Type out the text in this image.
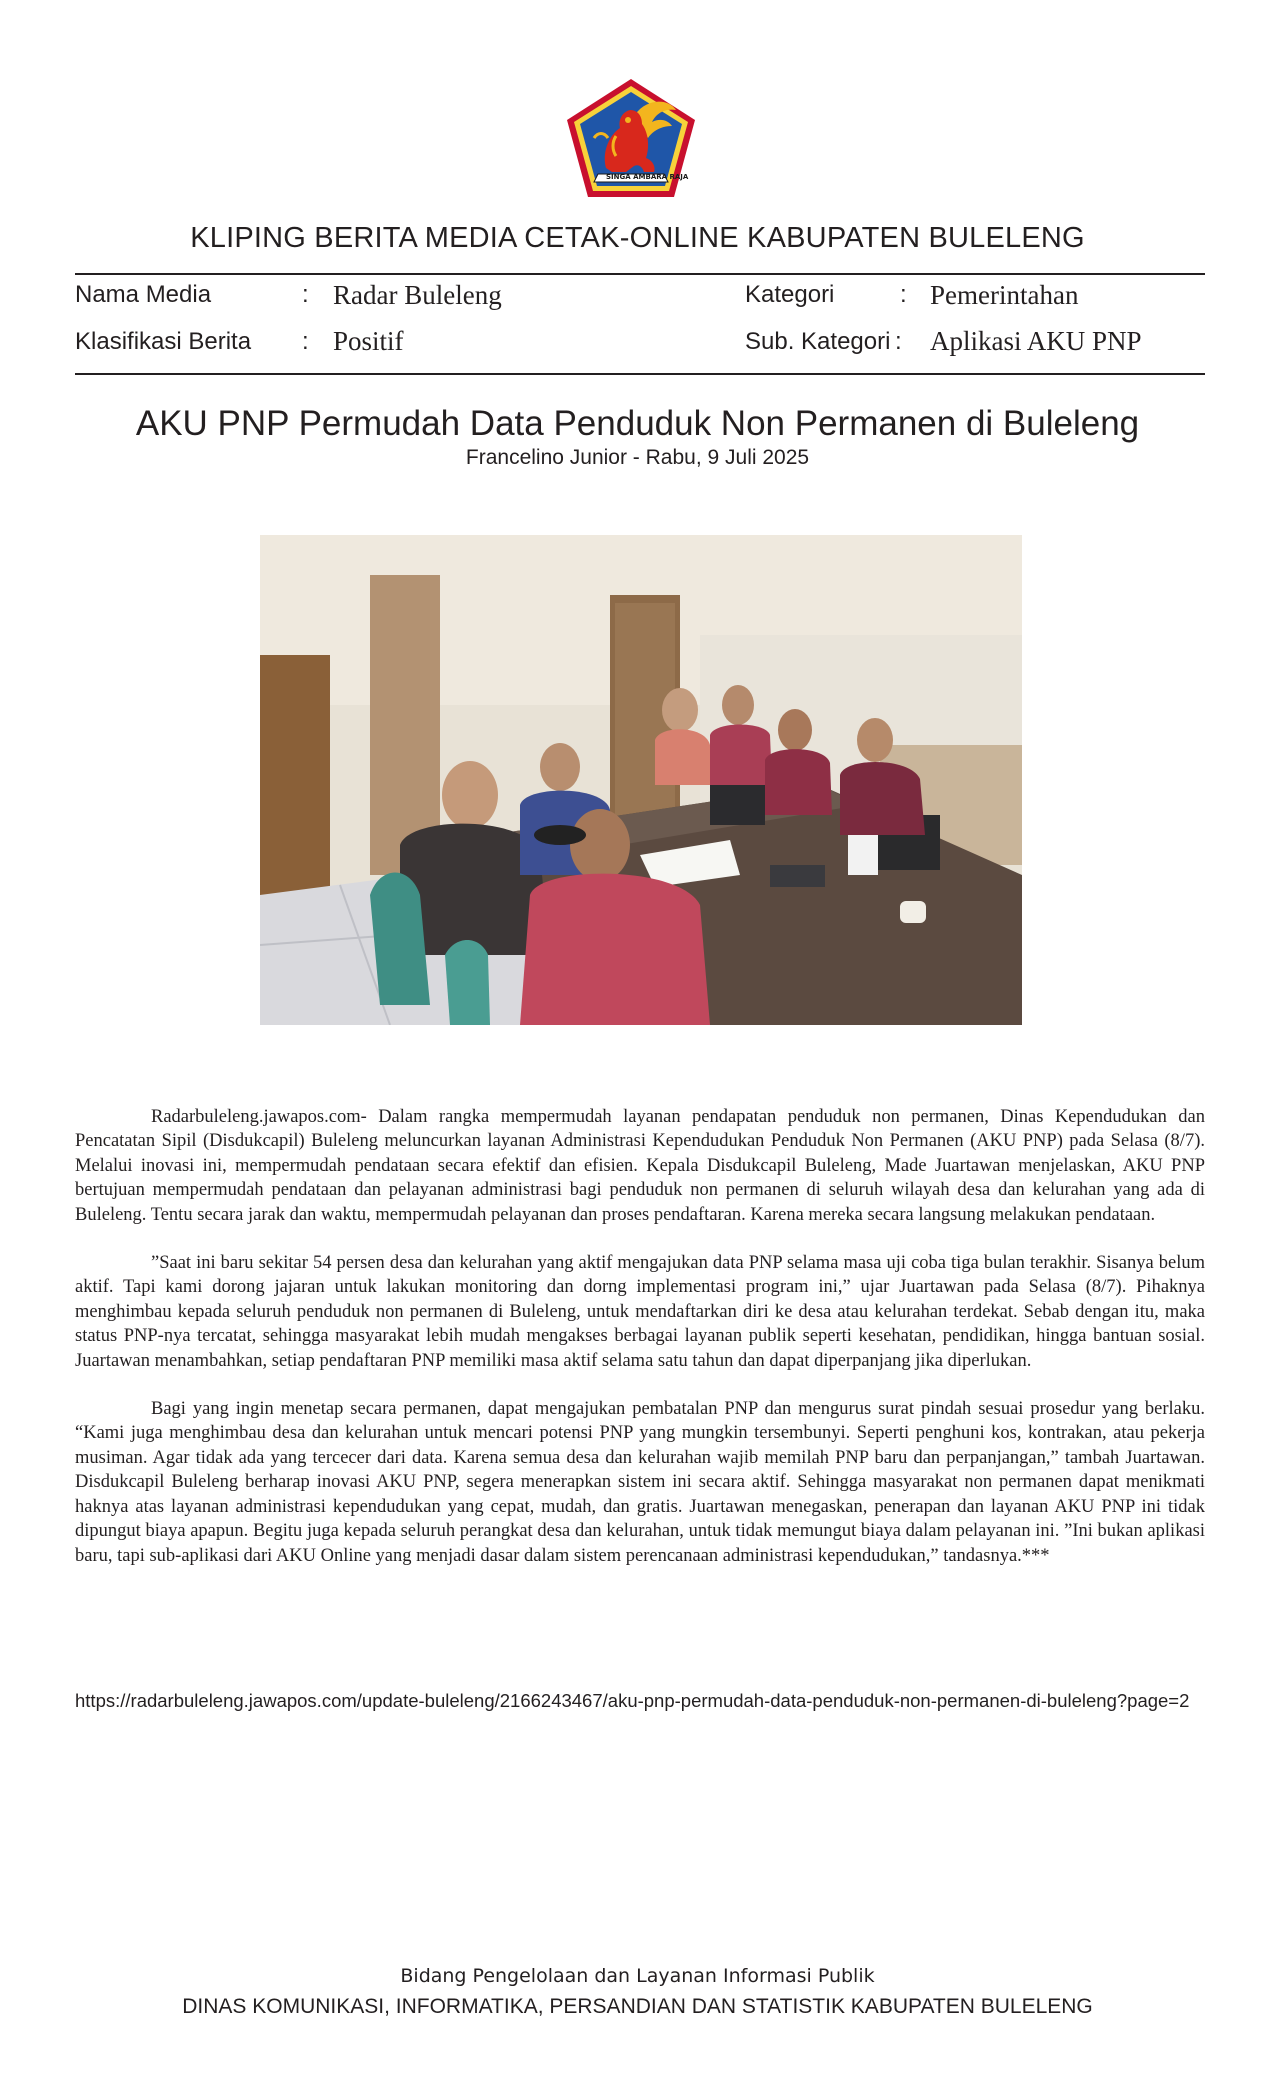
SINGA AMBARA RAJA
KLIPING BERITA MEDIA CETAK-ONLINE KABUPATEN BULELENG
Nama Media	: Radar Buleleng	Kategori	: Pemerintahan
Klasifikasi Berita : Positif	Sub. Kategori : Aplikasi AKU PNP
AKU PNP Permudah Data Penduduk Non Permanen di Buleleng
Francelino Junior - Rabu, 9 Juli 2025

Radarbuleleng.jawapos.com- Dalam rangka mempermudah layanan pendapatan penduduk non permanen, Dinas Kependudukan dan Pencatatan Sipil (Disdukcapil) Buleleng meluncurkan layanan Administrasi Kependudukan Penduduk Non Permanen (AKU PNP) pada Selasa (8/7). Melalui inovasi ini, mempermudah pendataan secara efektif dan efisien. Kepala Disdukcapil Buleleng, Made Juartawan menjelaskan, AKU PNP bertujuan mempermudah pendataan dan pelayanan administrasi bagi penduduk non permanen di seluruh wilayah desa dan kelurahan yang ada di Buleleng. Tentu secara jarak dan waktu, mempermudah pelayanan dan proses pendaftaran. Karena mereka secara langsung melakukan pendataan.

”Saat ini baru sekitar 54 persen desa dan kelurahan yang aktif mengajukan data PNP selama masa uji coba tiga bulan terakhir. Sisanya belum aktif. Tapi kami dorong jajaran untuk lakukan monitoring dan dorng implementasi program ini,” ujar Juartawan pada Selasa (8/7). Pihaknya menghimbau kepada seluruh penduduk non permanen di Buleleng, untuk mendaftarkan diri ke desa atau kelurahan terdekat. Sebab dengan itu, maka status PNP-nya tercatat, sehingga masyarakat lebih mudah mengakses berbagai layanan publik seperti kesehatan, pendidikan, hingga bantuan sosial. Juartawan menambahkan, setiap pendaftaran PNP memiliki masa aktif selama satu tahun dan dapat diperpanjang jika diperlukan.

Bagi yang ingin menetap secara permanen, dapat mengajukan pembatalan PNP dan mengurus surat pindah sesuai prosedur yang berlaku. “Kami juga menghimbau desa dan kelurahan untuk mencari potensi PNP yang mungkin tersembunyi. Seperti penghuni kos, kontrakan, atau pekerja musiman. Agar tidak ada yang tercecer dari data. Karena semua desa dan kelurahan wajib memilah PNP baru dan perpanjangan,” tambah Juartawan. Disdukcapil Buleleng berharap inovasi AKU PNP, segera menerapkan sistem ini secara aktif. Sehingga masyarakat non permanen dapat menikmati haknya atas layanan administrasi kependudukan yang cepat, mudah, dan gratis. Juartawan menegaskan, penerapan dan layanan AKU PNP ini tidak dipungut biaya apapun. Begitu juga kepada seluruh perangkat desa dan kelurahan, untuk tidak memungut biaya dalam pelayanan ini. ”Ini bukan aplikasi baru, tapi sub-aplikasi dari AKU Online yang menjadi dasar dalam sistem perencanaan administrasi kependudukan,” tandasnya.***

https://radarbuleleng.jawapos.com/update-buleleng/2166243467/aku-pnp-permudah-data-penduduk-non-permanen-di-buleleng?page=2
Bidang Pengelolaan dan Layanan Informasi Publik
DINAS KOMUNIKASI, INFORMATIKA, PERSANDIAN DAN STATISTIK KABUPATEN BULELENG
